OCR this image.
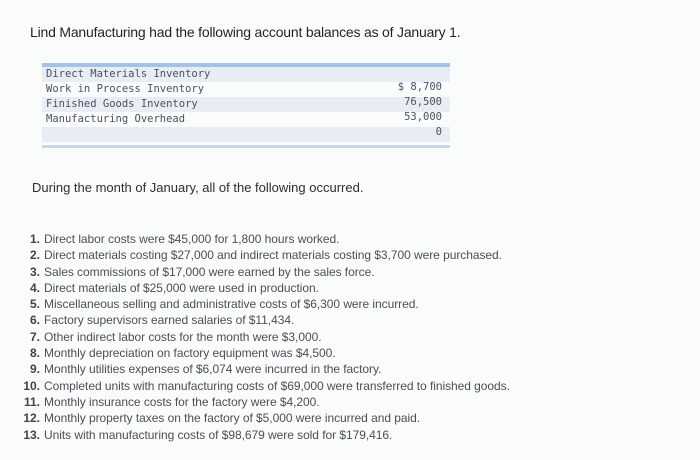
Lind Manufacturing had the following account balances as of January 1.
Direct Materials Inventory
Work in Process Inventory
Finished Goods Inventory
Manufacturing Overhead
$ 8,700
76,500
53,000
0
During the month of January, all of the following occurred.
1. Direct labor costs were $45,000 for 1,800 hours worked.
2. Direct materials costing $27,000 and indirect materials costing $3,700 were purchased.
3. Sales commissions of $17,000 were earned by the sales force.
4. Direct materials of $25,000 were used in production.
5. Miscellaneous selling and administrative costs of $6,300 were incurred.
6. Factory supervisors earned salaries of $11,434.
7. Other indirect labor costs for the month were $3,000.
8. Monthly depreciation on factory equipment was $4,500.
9. Monthly utilities expenses of $6,074 were incurred in the factory.
10. Completed units with manufacturing costs of $69,000 were transferred to finished goods.
11. Monthly insurance costs for the factory were $4,200.
12. Monthly property taxes on the factory of $5,000 were incurred and paid.
13. Units with manufacturing costs of $98,679 were sold for $179,416.
